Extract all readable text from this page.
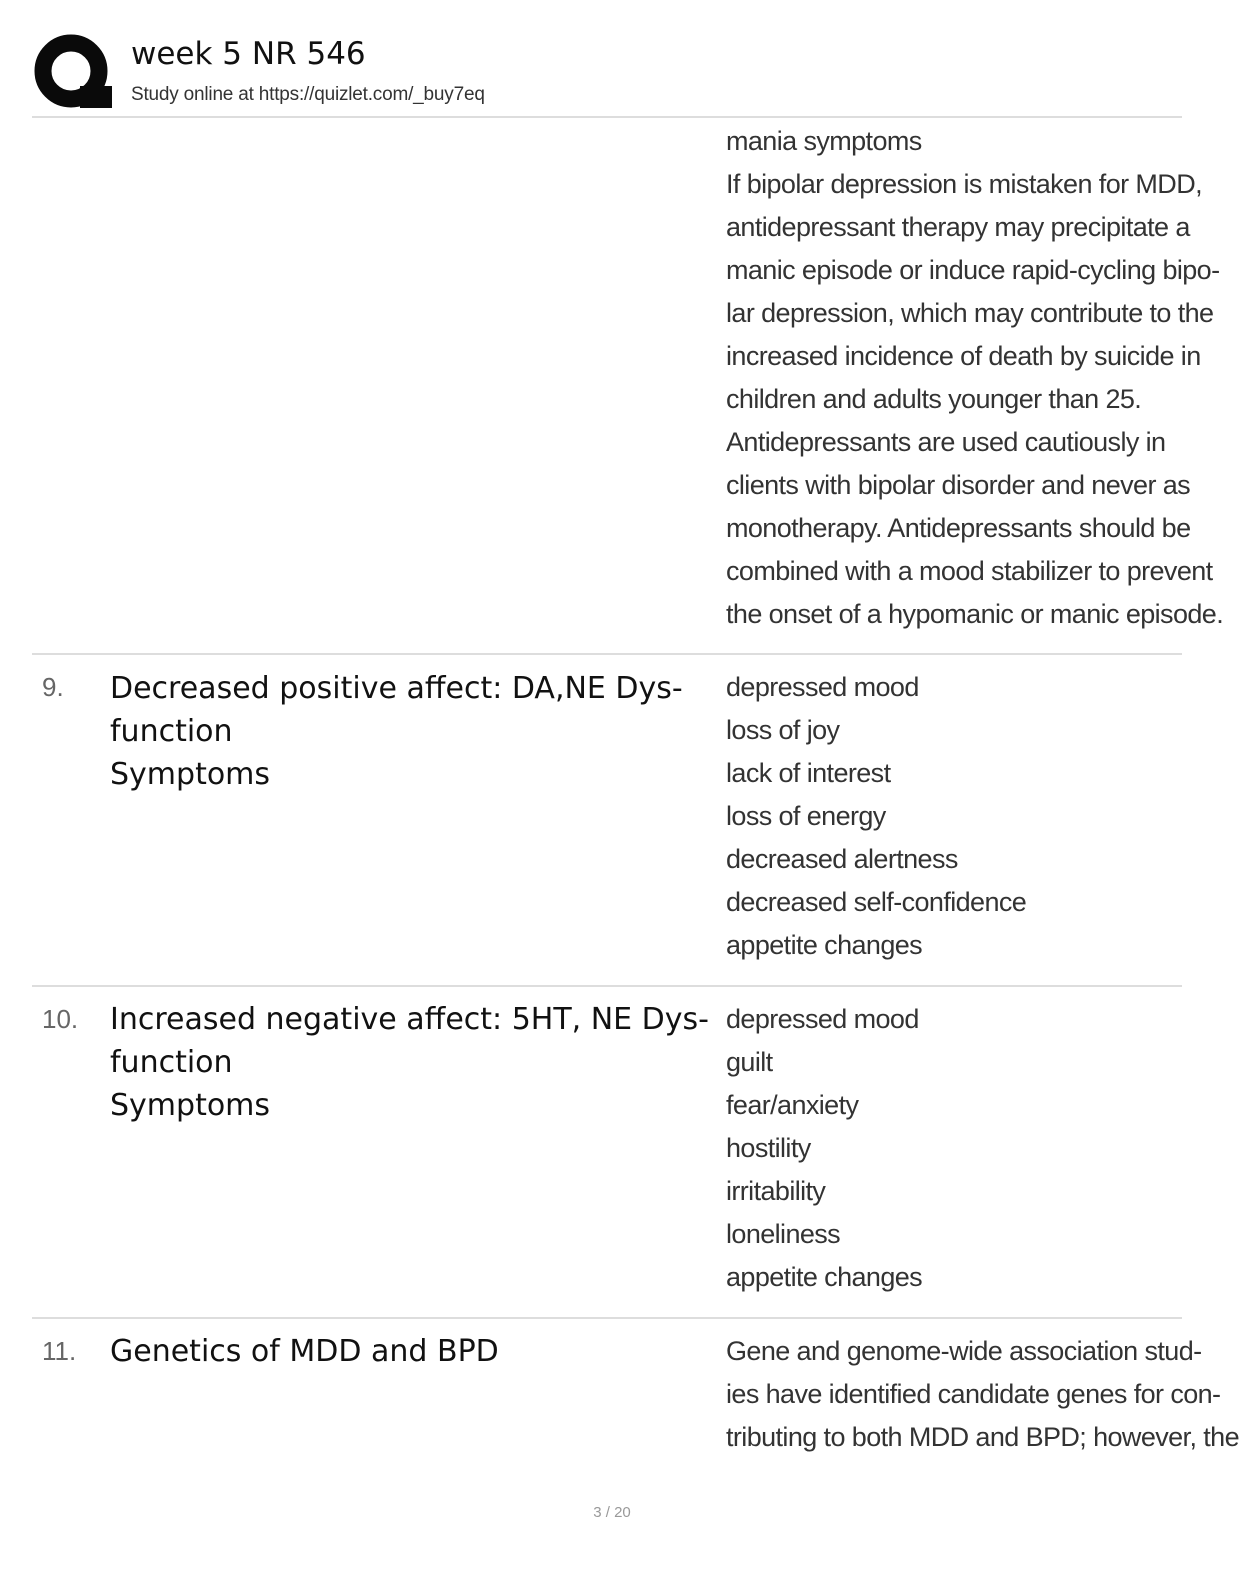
week 5 NR 546
Study online at https://quizlet.com/_buy7eq
mania symptoms
If bipolar depression is mistaken for MDD,
antidepressant therapy may precipitate a
manic episode or induce rapid-cycling bipo-
lar depression, which may contribute to the
increased incidence of death by suicide in
children and adults younger than 25.
Antidepressants are used cautiously in
clients with bipolar disorder and never as
monotherapy. Antidepressants should be
combined with a mood stabilizer to prevent
the onset of a hypomanic or manic episode.
9. Decreased positive affect: DA,NE Dys-
function
Symptoms
depressed mood
loss of joy
lack of interest
loss of energy
decreased alertness
decreased self-confidence
appetite changes
10. Increased negative affect: 5HT, NE Dys-
function
Symptoms
depressed mood
guilt
fear/anxiety
hostility
irritability
loneliness
appetite changes
11. Genetics of MDD and BPD	Gene and genome-wide association stud-
ies have identified candidate genes for con-
tributing to both MDD and BPD; however, the
3 / 20
